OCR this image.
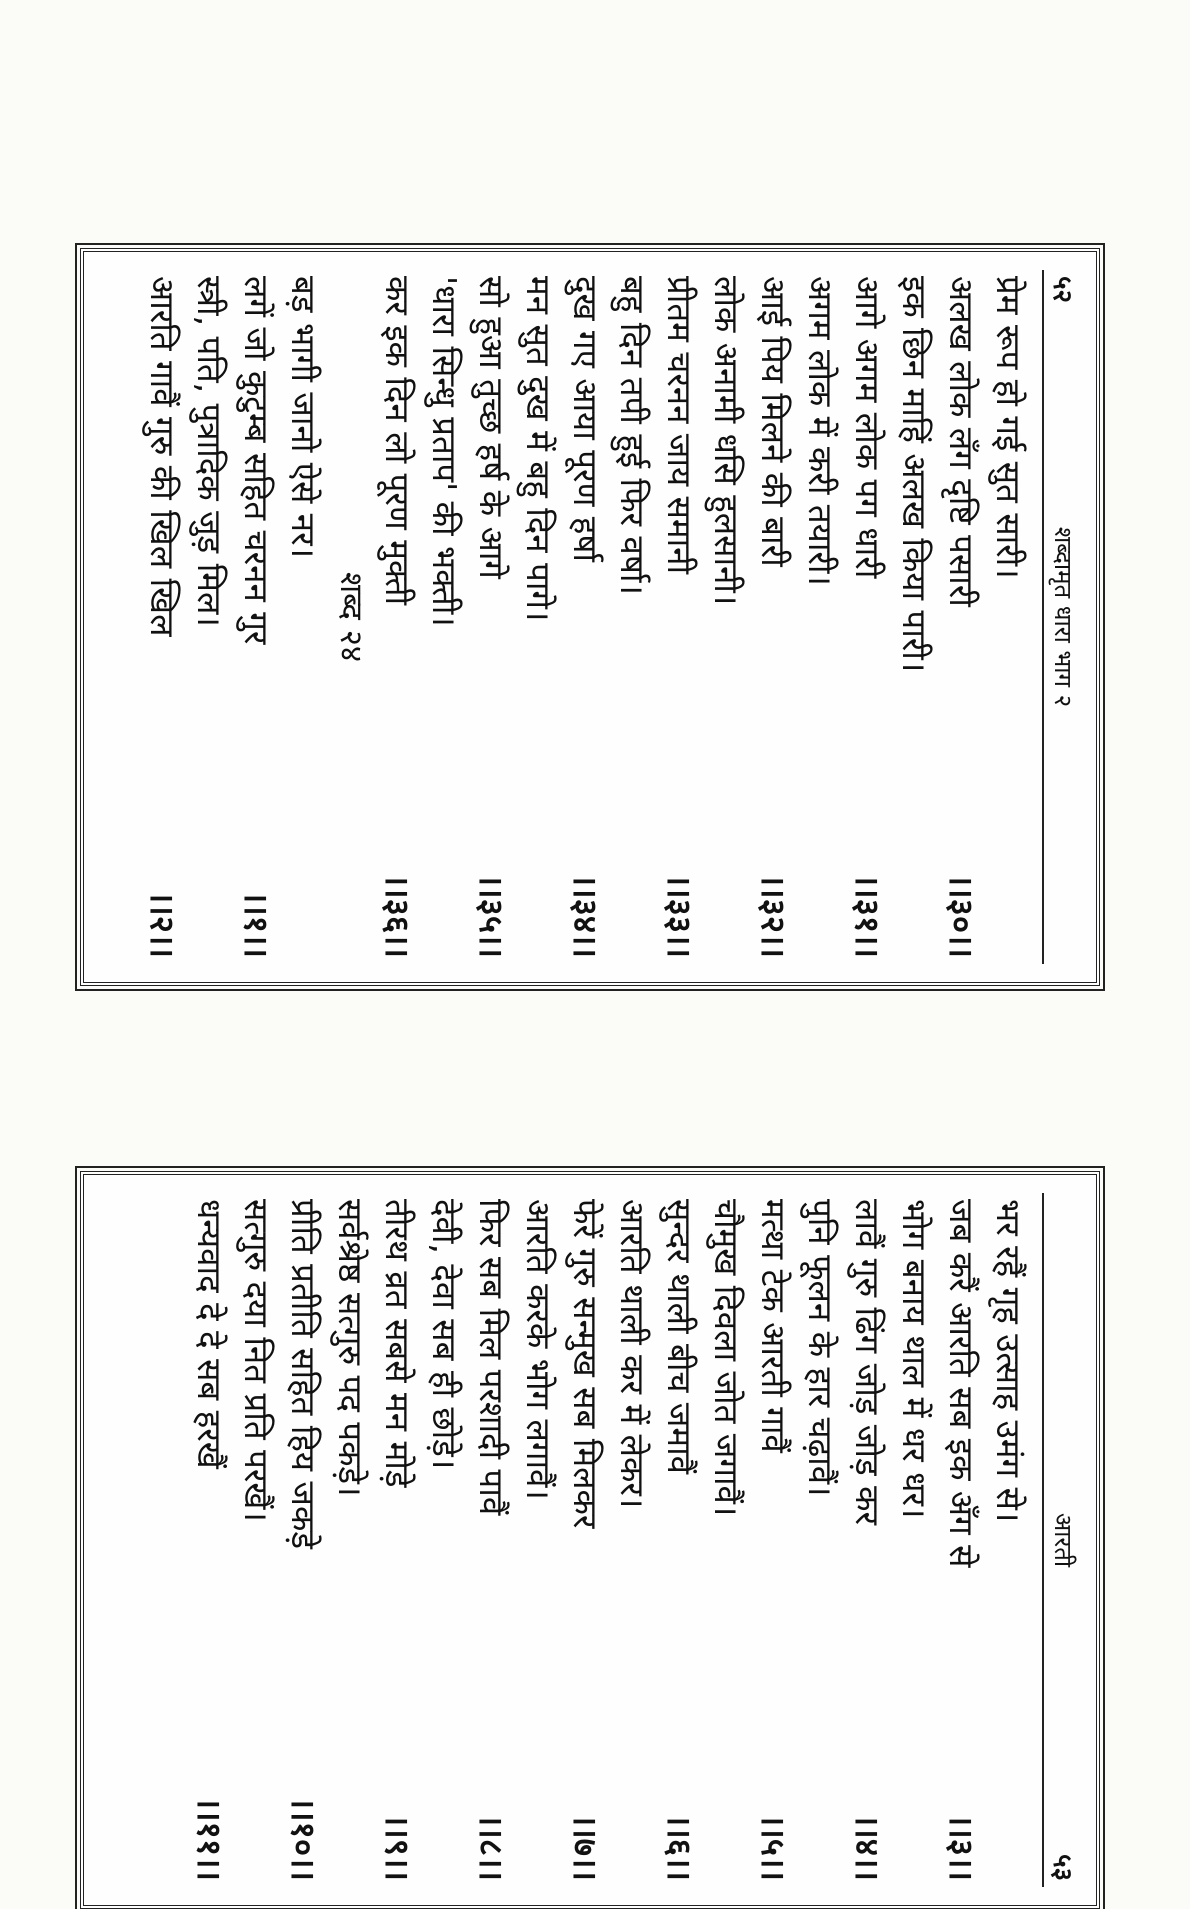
५२
शब्दामृत धारा भाग २
प्रेम रूप हो गई सुत सारी।
अलख लोक लँग दृष्टि पसारी
।।३०।।
इक छिन माहिं अलख किया पारी।
आगे अगम लोक पग धारी
।।३१।।
अगम लोक में करी तयारी।
आई पिय मिलने की बारी
।।३२।।
लोक अनामी धसि हुलसानी।
प्रीतम चरनन जाय समानी
।।३३।।
बहु दिन तपी हुई फिर वर्षा।
दुख गए आया पूरण हर्षा
।।३४।।
मन सुत दुख में बहु दिन पागे।
सो हुआ तुच्छ हर्ष के आगे
।।३५।।
'धारा सिन्धु प्रताप' की भक्ती।
कर इक दिन लो पूरण मुक्ती
।।३६।।
शब्द २४
बड़ भागी जानो ऐसे नर।
लगें जो कुटुम्ब सहित चरनन गुर
।।१।।
स्त्री, पति, पुत्रादिक जुड़ मिल।
आरति गावैं गुरु की खिल खिल
।।२।।
आरती
५३
भर रहैं गृह उत्साह उमंग से।
जब करैं आरति सब इक अँग से
।।३।।
भोग बनाय थाल में धर धर।
लावैं गुरु ढिंग जोड़ जोड़ कर
।।४।।
पुनि फूलन के हार चढ़ावैं।
मत्था टेक आरती गावैं
।।५।।
चौमुख दिवला जोत जगावैं।
सुन्दर थाली बीच जमावैं
।।६।।
आरति थाली कर में लेकर।
फेरें गुरु सन्मुख सब मिलकर
।।७।।
आरति करके भोग लगावैं।
फिर सब मिल परशादी पावैं
।।८।।
देवी, देवा सब ही छोड़े।
तीरथ व्रत सबसे मन मोड़े
।।९।।
सर्वश्रेष्ठ सत्गुरु पद पकड़े।
प्रीति प्रतीति सहित हिय जकड़े
।।१०।।
सत्गुरु दया नित प्रति परखैं।
धन्यवाद दे दे सब हरखैं
।।११।।
